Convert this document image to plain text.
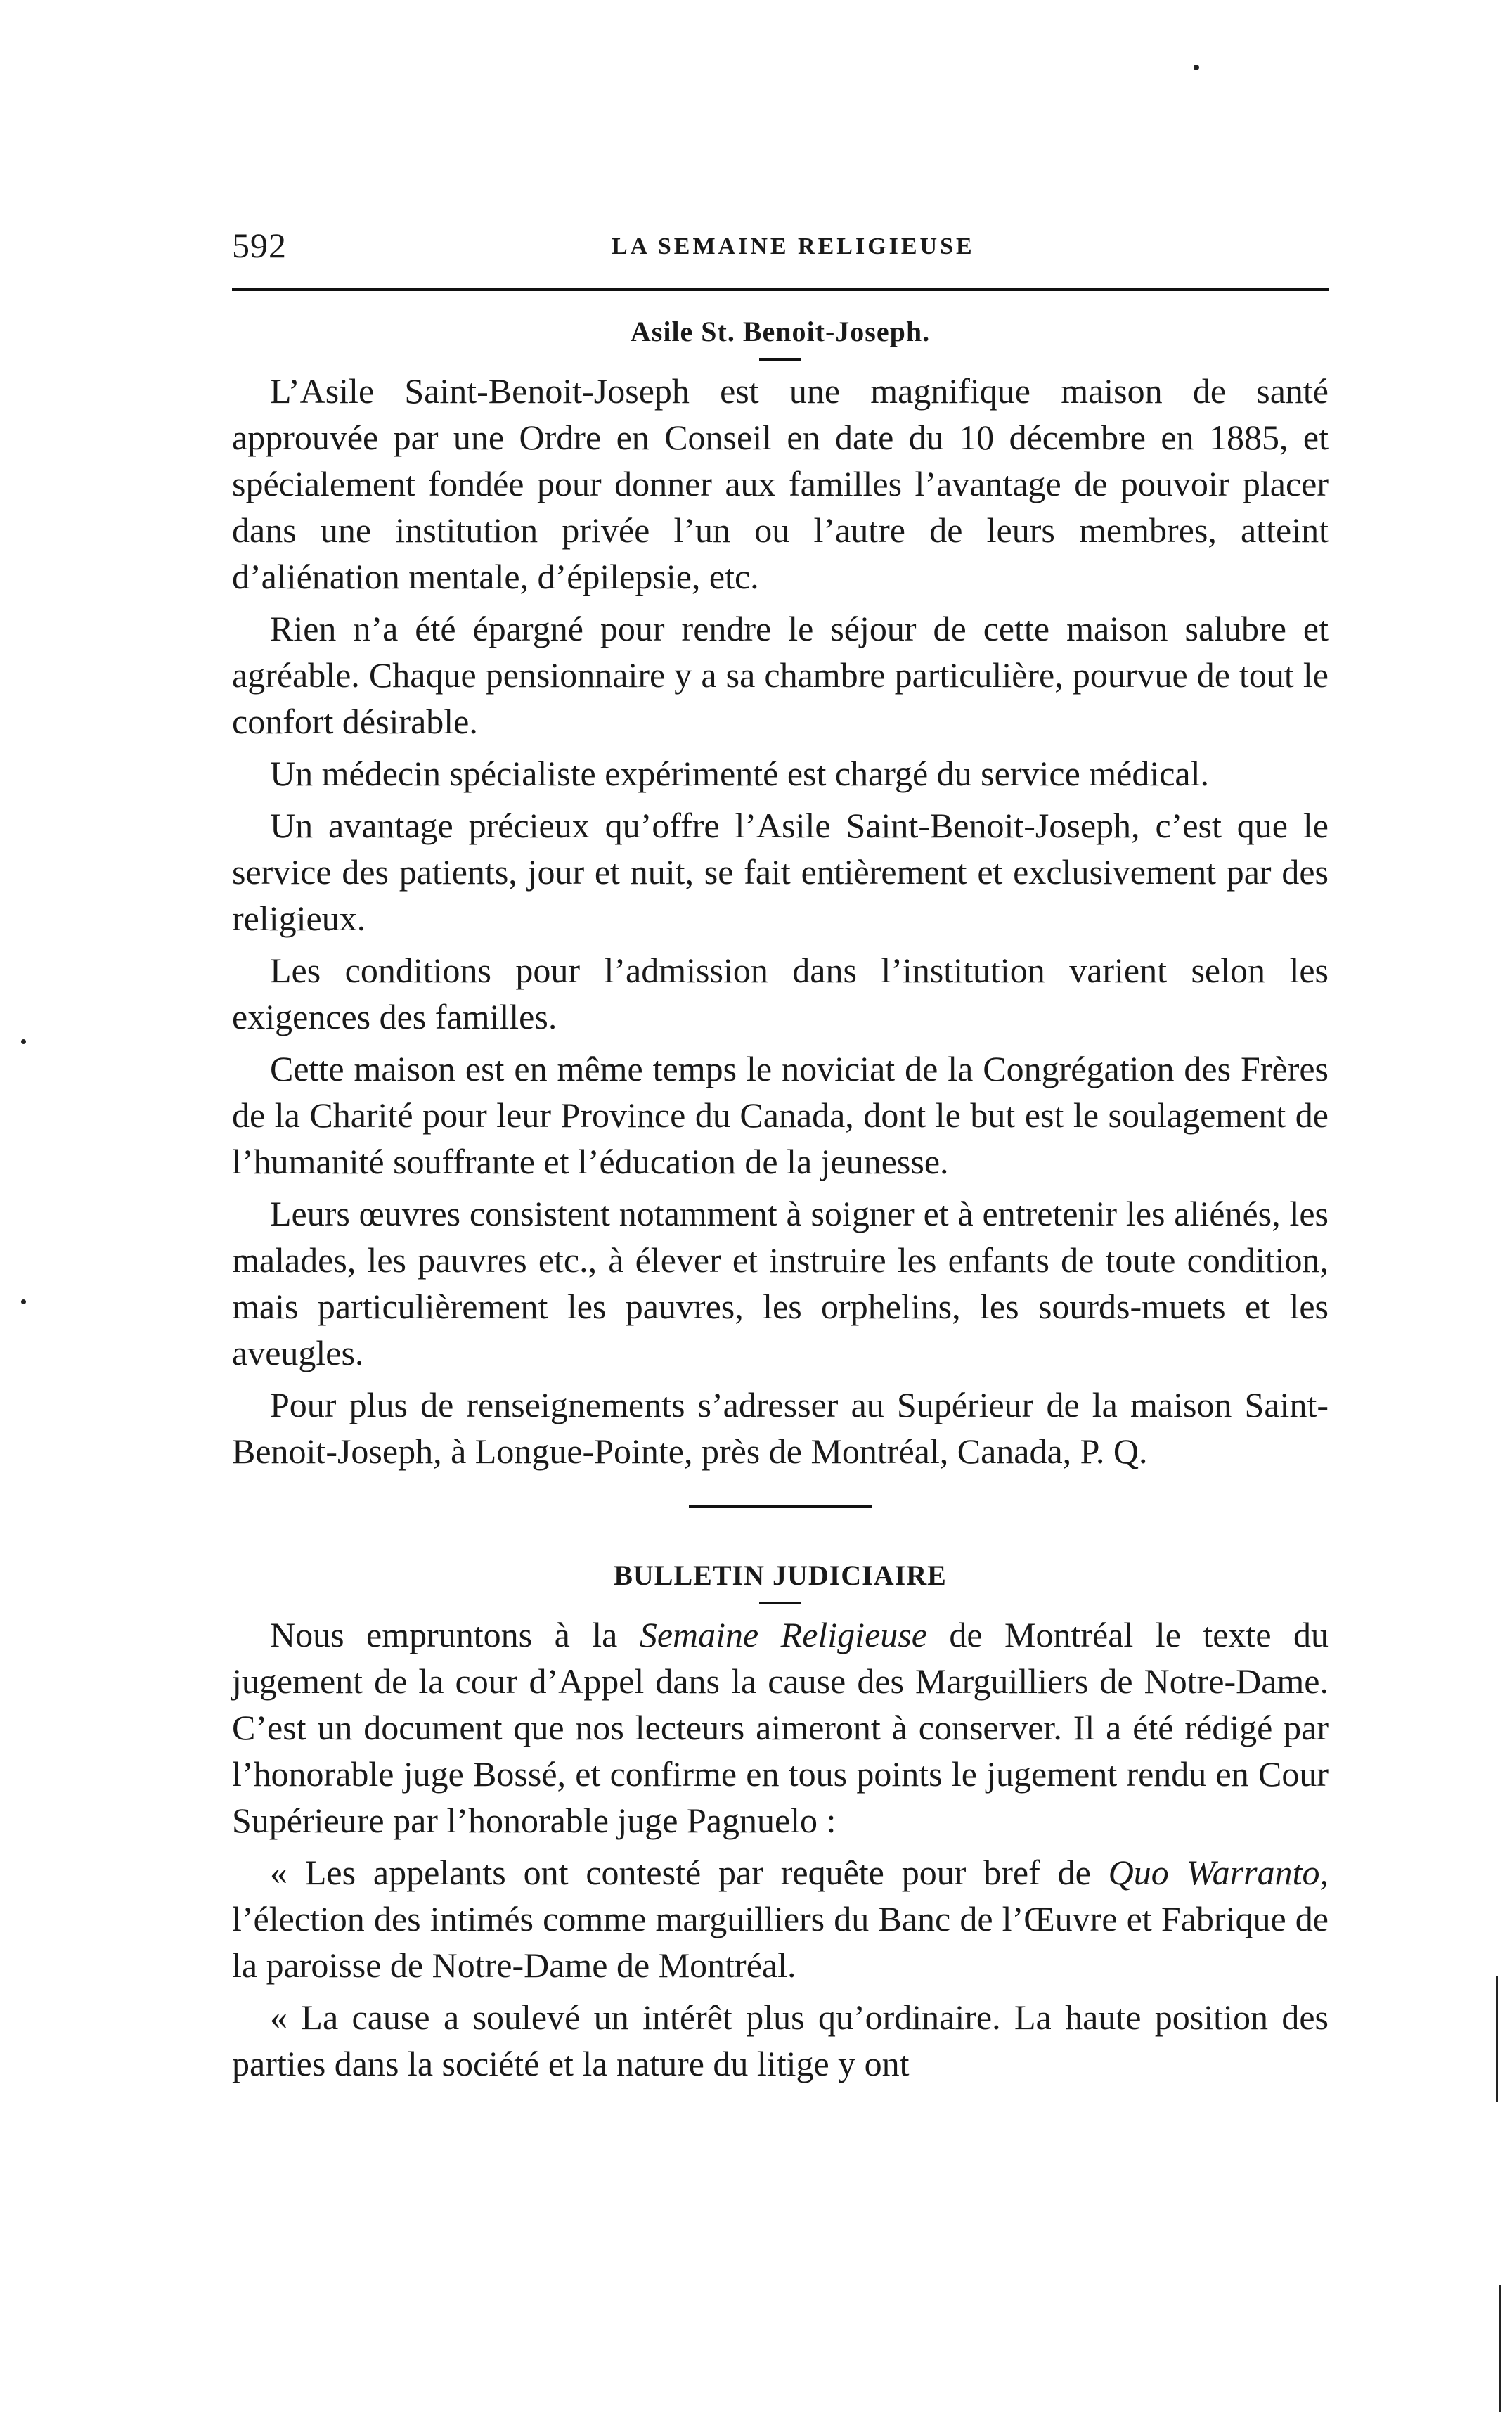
592	LA SEMAINE RELIGIEUSE
Asile St. Benoit-Joseph.

L’Asile Saint-Benoit-Joseph est une magnifique maison de santé approuvée par une Ordre en Conseil en date du 10 décembre en 1885, et spécialement fondée pour donner aux familles l’avantage de pouvoir placer dans une institution privée l’un ou l’autre de leurs membres, atteint d’aliénation mentale, d’épilepsie, etc.

Rien n’a été épargné pour rendre le séjour de cette maison salubre et agréable. Chaque pensionnaire y a sa chambre particulière, pourvue de tout le confort désirable.

Un médecin spécialiste expérimenté est chargé du service médical.

Un avantage précieux qu’offre l’Asile Saint-Benoit-Joseph, c’est que le service des patients, jour et nuit, se fait entièrement et exclusivement par des religieux.

Les conditions pour l’admission dans l’institution varient selon les exigences des familles.

Cette maison est en même temps le noviciat de la Congrégation des Frères de la Charité pour leur Province du Canada, dont le but est le soulagement de l’humanité souffrante et l’éducation de la jeunesse.

Leurs œuvres consistent notamment à soigner et à entretenir les aliénés, les malades, les pauvres etc., à élever et instruire les enfants de toute condition, mais particulièrement les pauvres, les orphelins, les sourds-muets et les aveugles.

Pour plus de renseignements s’adresser au Supérieur de la maison Saint-Benoit-Joseph, à Longue-Pointe, près de Montréal, Canada, P. Q.

BULLETIN JUDICIAIRE

Nous empruntons à la Semaine Religieuse de Montréal le texte du jugement de la cour d’Appel dans la cause des Marguilliers de Notre-Dame. C’est un document que nos lecteurs aimeront à conserver. Il a été rédigé par l’honorable juge Bossé, et confirme en tous points le jugement rendu en Cour Supérieure par l’honorable juge Pagnuelo :

« Les appelants ont contesté par requête pour bref de Quo Warranto, l’élection des intimés comme marguilliers du Banc de l’Œuvre et Fabrique de la paroisse de Notre-Dame de Montréal.

« La cause a soulevé un intérêt plus qu’ordinaire. La haute position des parties dans la société et la nature du litige y ont
